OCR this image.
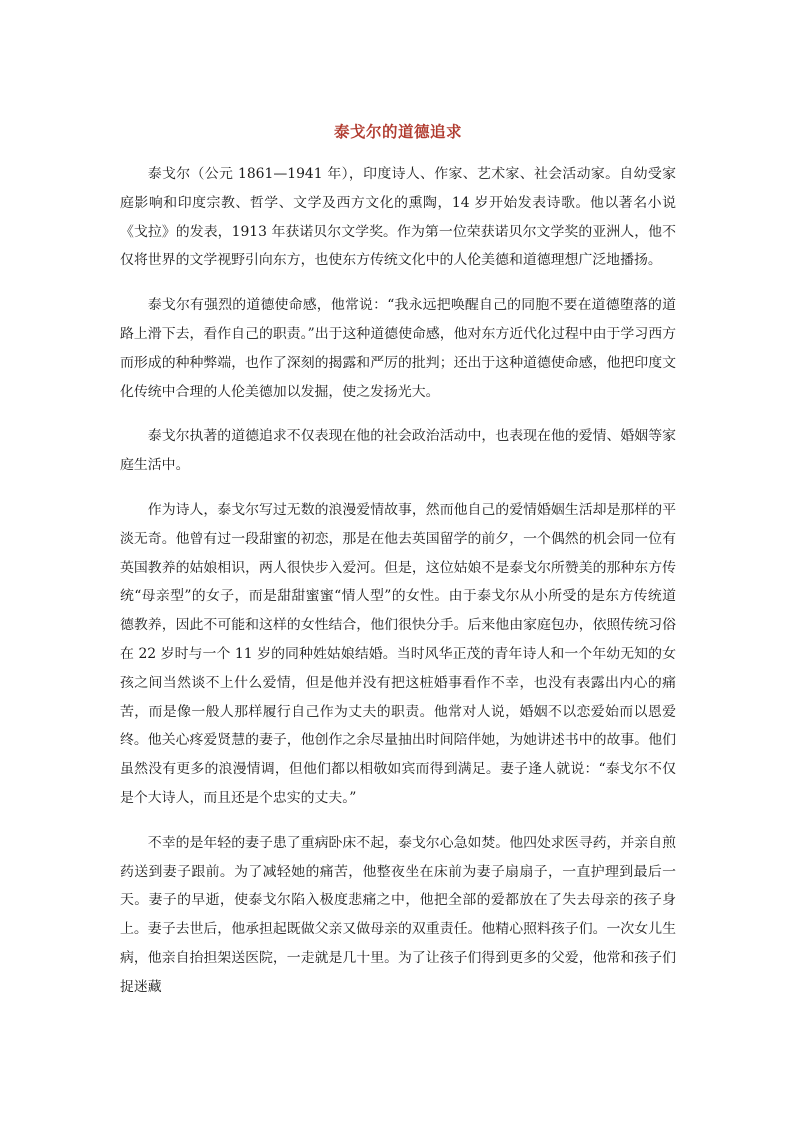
泰戈尔的道德追求

泰戈尔（公元 1861—1941 年），印度诗人、作家、艺术家、社会活动家。自幼受家庭影响和印度宗教、哲学、文学及西方文化的熏陶，14 岁开始发表诗歌。他以著名小说《戈拉》的发表，1913 年获诺贝尔文学奖。作为第一位荣获诺贝尔文学奖的亚洲人，他不仅将世界的文学视野引向东方，也使东方传统文化中的人伦美德和道德理想广泛地播扬。

泰戈尔有强烈的道德使命感，他常说：“我永远把唤醒自己的同胞不要在道德堕落的道路上滑下去，看作自己的职责。”出于这种道德使命感，他对东方近代化过程中由于学习西方而形成的种种弊端，也作了深刻的揭露和严厉的批判；还出于这种道德使命感，他把印度文化传统中合理的人伦美德加以发掘，使之发扬光大。

泰戈尔执著的道德追求不仅表现在他的社会政治活动中，也表现在他的爱情、婚姻等家庭生活中。

作为诗人，泰戈尔写过无数的浪漫爱情故事，然而他自己的爱情婚姻生活却是那样的平淡无奇。他曾有过一段甜蜜的初恋，那是在他去英国留学的前夕，一个偶然的机会同一位有英国教养的姑娘相识，两人很快步入爱河。但是，这位姑娘不是泰戈尔所赞美的那种东方传统“母亲型”的女子，而是甜甜蜜蜜“情人型”的女性。由于泰戈尔从小所受的是东方传统道德教养，因此不可能和这样的女性结合，他们很快分手。后来他由家庭包办，依照传统习俗在 22 岁时与一个 11 岁的同种姓姑娘结婚。当时风华正茂的青年诗人和一个年幼无知的女孩之间当然谈不上什么爱情，但是他并没有把这桩婚事看作不幸，也没有表露出内心的痛苦，而是像一般人那样履行自己作为丈夫的职责。他常对人说，婚姻不以恋爱始而以恩爱终。他关心疼爱贤慧的妻子，他创作之余尽量抽出时间陪伴她，为她讲述书中的故事。他们虽然没有更多的浪漫情调，但他们都以相敬如宾而得到满足。妻子逢人就说：“泰戈尔不仅是个大诗人，而且还是个忠实的丈夫。”

不幸的是年轻的妻子患了重病卧床不起，泰戈尔心急如焚。他四处求医寻药，并亲自煎药送到妻子跟前。为了减轻她的痛苦，他整夜坐在床前为妻子扇扇子，一直护理到最后一天。妻子的早逝，使泰戈尔陷入极度悲痛之中，他把全部的爱都放在了失去母亲的孩子身上。妻子去世后，他承担起既做父亲又做母亲的双重责任。他精心照料孩子们。一次女儿生病，他亲自抬担架送医院，一走就是几十里。为了让孩子们得到更多的父爱，他常和孩子们捉迷藏
